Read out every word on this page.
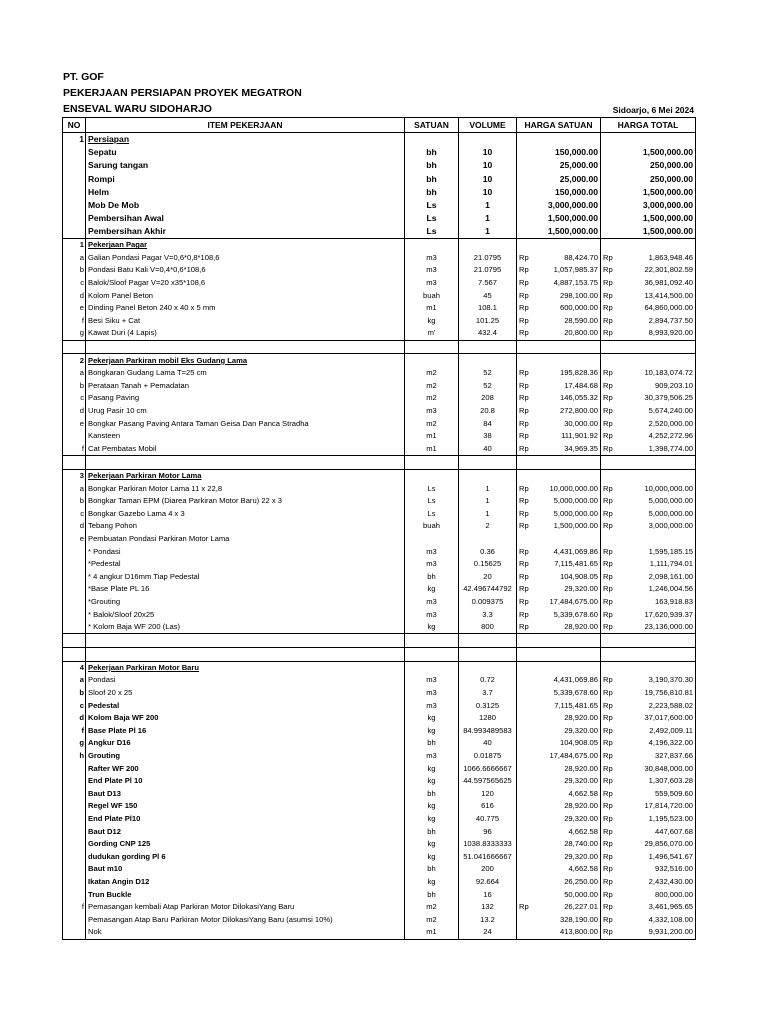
PT. GOF
PEKERJAAN PERSIAPAN PROYEK MEGATRON
ENSEVAL WARU SIDOHARJO	Sidoarjo, 6 Mei 2024
NO	ITEM PEKERJAAN	SATUAN	VOLUME	HARGA SATUAN		HARGA TOTAL	
1	Persiapan						
	Sepatu	bh	10		150,000.00		1,500,000.00
	Sarung tangan	bh	10		25,000.00		250,000.00
	Rompi	bh	10		25,000.00		250,000.00
	Helm	bh	10		150,000.00		1,500,000.00
	Mob De Mob	Ls	1		3,000,000.00		3,000,000.00
	Pembersihan Awal	Ls	1		1,500,000.00		1,500,000.00
	Pembersihan Akhir	Ls	1		1,500,000.00		1,500,000.00
1	Pekerjaan Pagar						
a	Galian Pondasi Pagar V=0,6*0,8*108,6	m3	21.0795	Rp	88,424.70	Rp	1,863,948.46
b	Pondasi Batu Kali V=0,4*0,6*108,6	m3	21.0795	Rp	1,057,985.37	Rp	22,301,802.59
c	Balok/Sloof Pagar V=20 x35*108,6	m3	7.567	Rp	4,887,153.75	Rp	36,981,092.40
d	Kolom Panel Beton	buah	45	Rp	298,100.00	Rp	13,414,500.00
e	Dinding Panel Beton 240 x 40 x 5 mm	m1	108.1	Rp	600,000.00	Rp	64,860,000.00
f	Besi Siku + Cat	kg	101.25	Rp	28,590.00	Rp	2,894,737.50
g	Kawat Duri (4 Lapis)	m'	432.4	Rp	20,800.00	Rp	8,993,920.00

2	Pekerjaan Parkiran mobil Eks Gudang Lama						
a	Bongkaran Gudang Lama T=25 cm	m2	52	Rp	195,828.36	Rp	10,183,074.72
b	Perataan Tanah + Pemadatan	m2	52	Rp	17,484.68	Rp	909,203.10
c	Pasang Paving	m2	208	Rp	146,055.32	Rp	30,379,506.25
d	Urug Pasir 10 cm	m3	20.8	Rp	272,800.00	Rp	5,674,240.00
e	Bongkar Pasang Paving Antara Taman Geisa Dan Panca Stradha	m2	84	Rp	30,000.00	Rp	2,520,000.00
	Kansteen	m1	38	Rp	111,901.92	Rp	4,252,272.96
f	Cat Pembatas Mobil	m1	40	Rp	34,969.35	Rp	1,398,774.00

3	Pekerjaan Parkiran Motor Lama						
a	Bongkar Parkiran Motor Lama 11 x 22,8	Ls	1	Rp	10,000,000.00	Rp	10,000,000.00
b	Bongkar Taman EPM (Diarea Parkiran Motor Baru) 22 x 3	Ls	1	Rp	5,000,000.00	Rp	5,000,000.00
c	Bongkar Gazebo Lama 4 x 3	Ls	1	Rp	5,000,000.00	Rp	5,000,000.00
d	Tebang Pohon	buah	2	Rp	1,500,000.00	Rp	3,000,000.00
e	Pembuatan Pondasi Parkiran Motor Lama						
	* Pondasi	m3	0.36	Rp	4,431,069.86	Rp	1,595,185.15
	*Pedestal	m3	0.15625	Rp	7,115,481.65	Rp	1,111,794.01
	* 4 angkur D16mm Tiap Pedestal	bh	20	Rp	104,908.05	Rp	2,098,161.00
	*Base Plate PL 16	kg	42.496744792	Rp	29,320.00	Rp	1,246,004.56
	*Grouting	m3	0.009375	Rp	17,484,675.00	Rp	163,918.83
	* Balok/Sloof 20x25	m3	3.3	Rp	5,339,678.60	Rp	17,620,939.37
	* Kolom Baja WF 200 (Las)	kg	800	Rp	28,920.00	Rp	23,136,000.00

4	Pekerjaan Parkiran Motor Baru						
a	Pondasi	m3	0.72		4,431,069.86	Rp	3,190,370.30
b	Sloof 20 x 25	m3	3.7		5,339,678.60	Rp	19,756,810.81
c	Pedestal	m3	0.3125		7,115,481.65	Rp	2,223,588.02
d	Kolom Baja WF 200	kg	1280		28,920.00	Rp	37,017,600.00
f	Base Plate Pl 16	kg	84.993489583		29,320.00	Rp	2,492,009.11
g	Angkur D16	bh	40		104,908.05	Rp	4,196,322.00
h	Grouting	m3	0.01875		17,484,675.00	Rp	327,837.66
	Rafter WF 200	kg	1066.6666667		28,920.00	Rp	30,848,000.00
	End Plate Pl 10	kg	44.597565625		29,320.00	Rp	1,307,603.28
	Baut D13	bh	120		4,662.58	Rp	559,509.60
	Regel WF 150	kg	616		28,920.00	Rp	17,814,720.00
	End Plate Pl10	kg	40.775		29,320.00	Rp	1,195,523.00
	Baut D12	bh	96		4,662.58	Rp	447,607.68
	Gording CNP 125	kg	1038.8333333		28,740.00	Rp	29,856,070.00
	dudukan gording Pl 6	kg	51.041666667		29,320.00	Rp	1,496,541.67
	Baut m10	bh	200		4,662.58	Rp	932,516.00
	Ikatan Angin D12	kg	92.664		26,250.00	Rp	2,432,430.00
	Trun Buckle	bh	16		50,000.00	Rp	800,000.00
f	Pemasangan kembali Atap Parkiran Motor DilokasiYang Baru	m2	132	Rp	26,227.01	Rp	3,461,965.65
	Pemasangan Atap Baru Parkiran Motor DilokasiYang Baru (asumsi 10%)	m2	13.2		328,190.00	Rp	4,332,108.00
	Nok	m1	24		413,800.00	Rp	9,931,200.00
